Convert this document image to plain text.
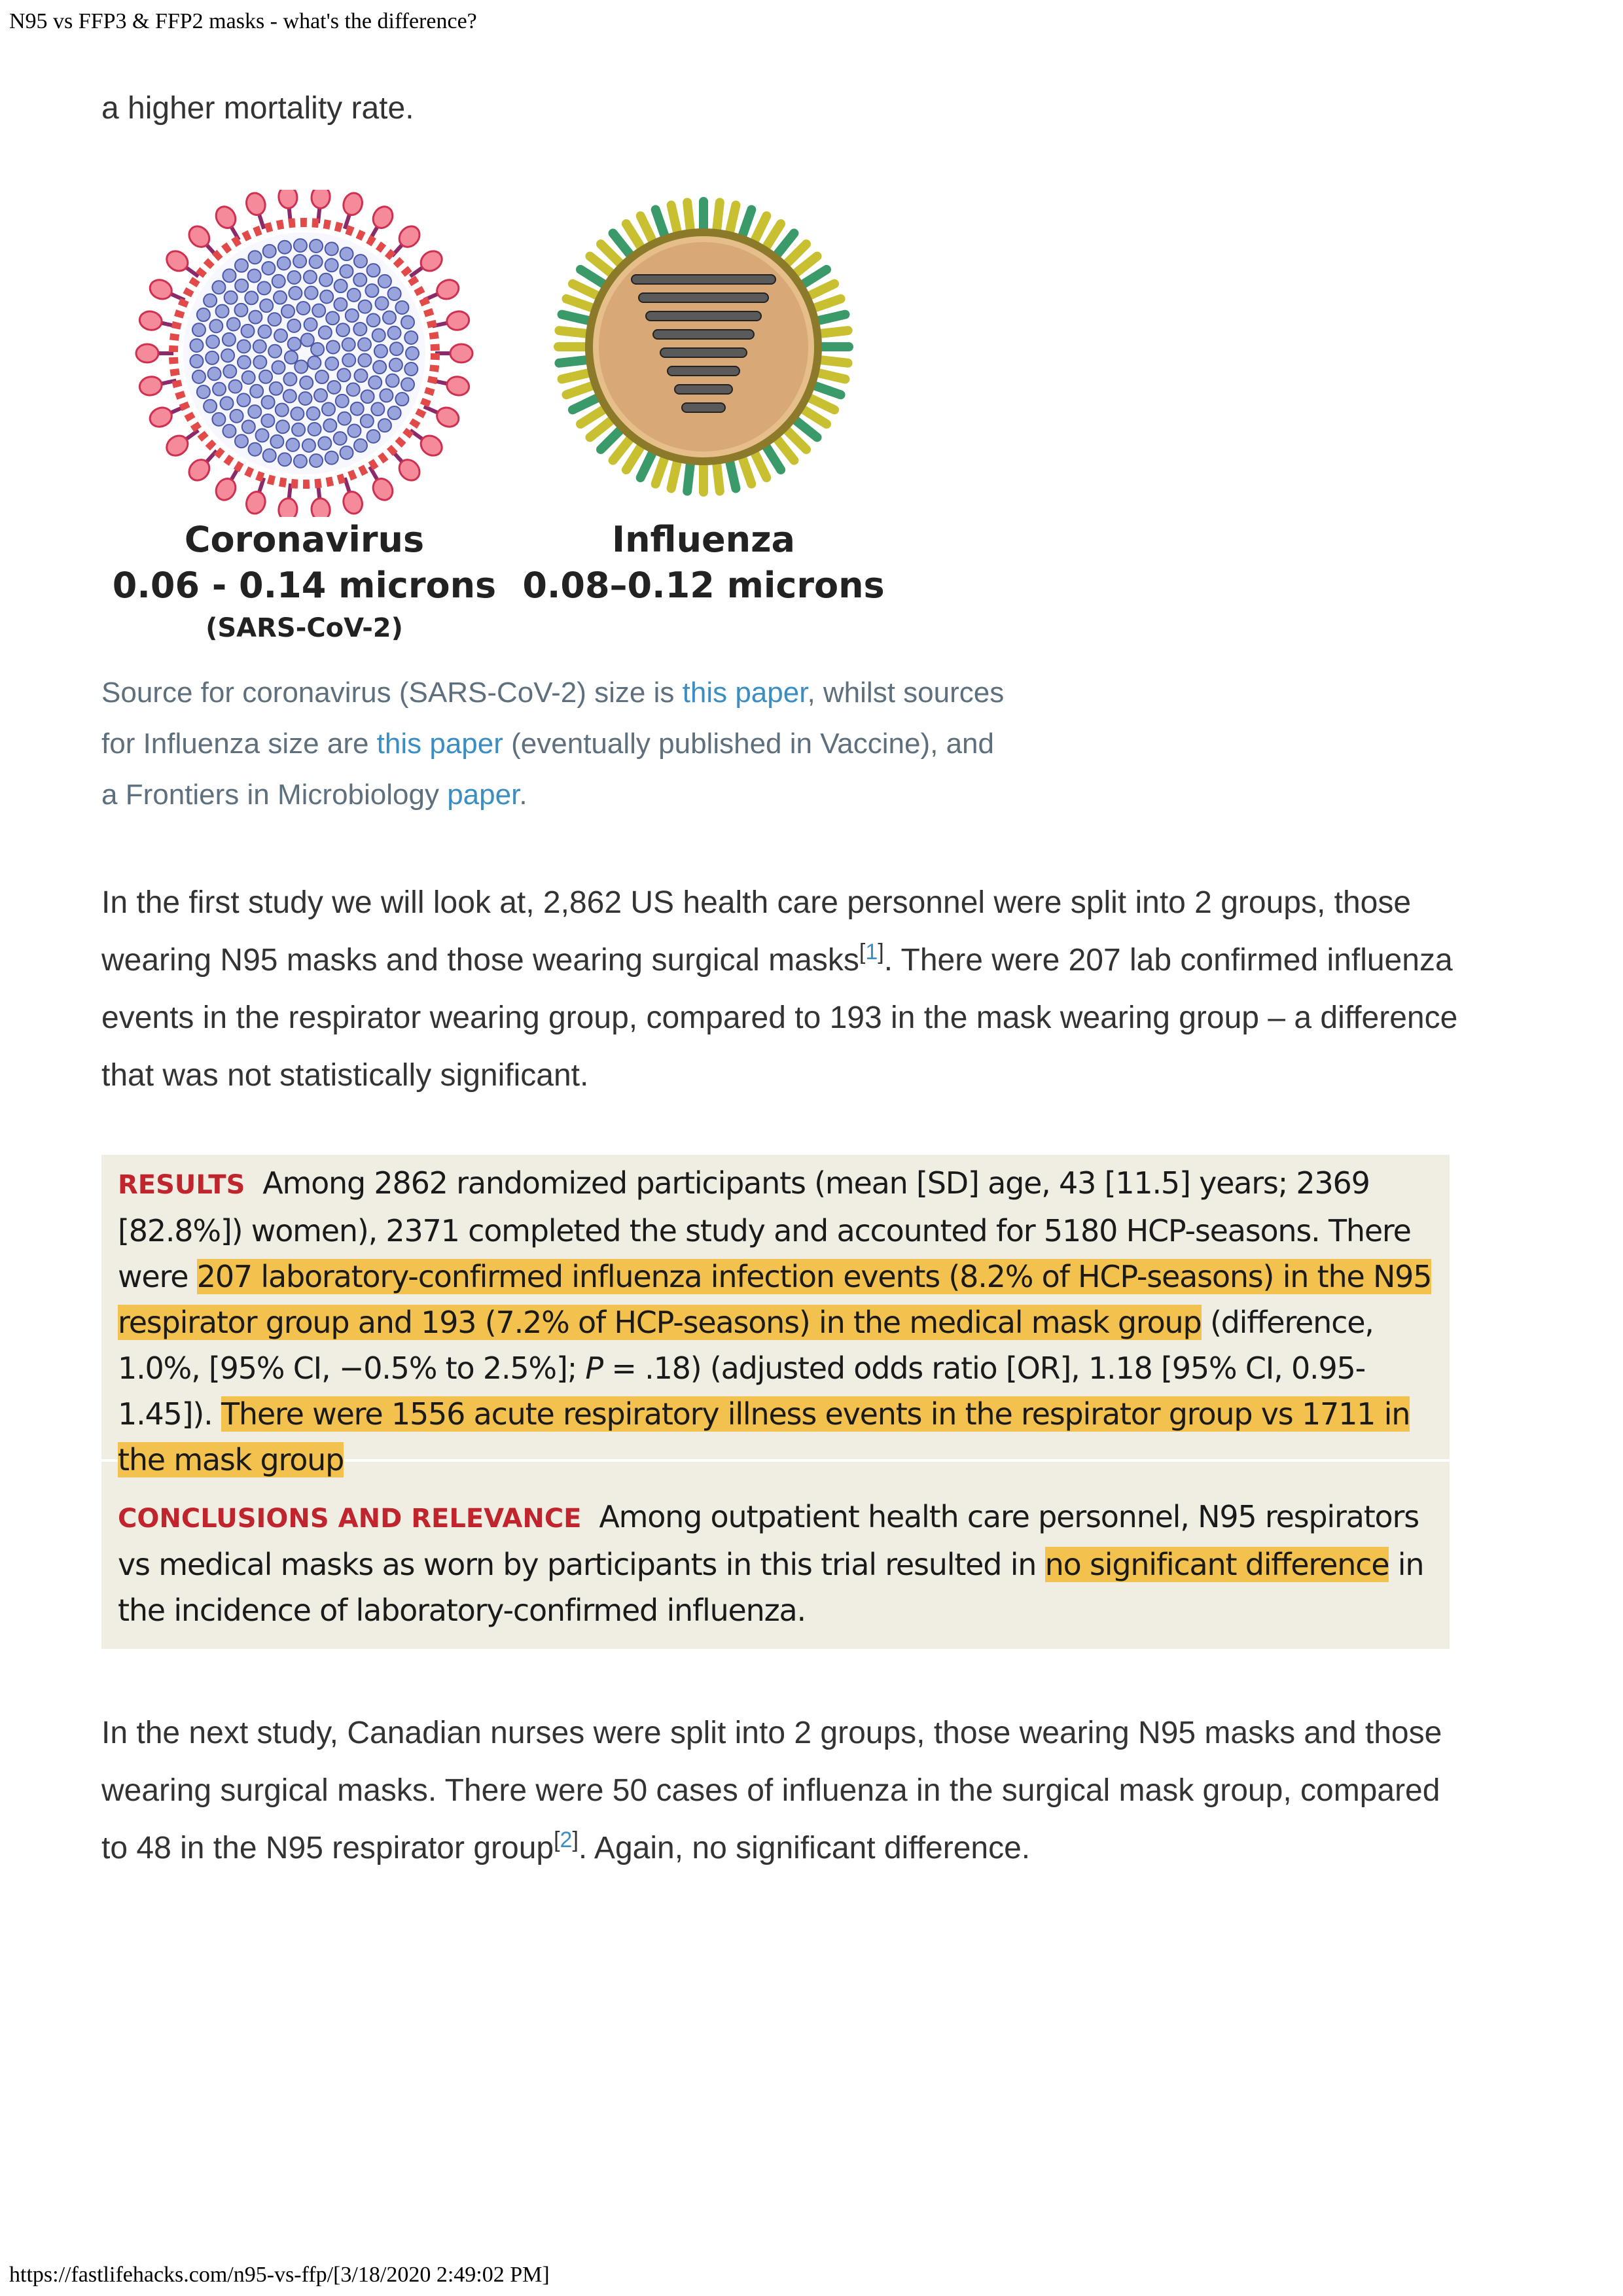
N95 vs FFP3 & FFP2 masks - what's the difference?

a higher mortality rate.

Coronavirus
0.06 - 0.14 microns
(SARS-CoV-2)
Influenza
0.08–0.12 microns

Source for coronavirus (SARS-CoV-2) size is this paper, whilst sources for Influenza size are this paper (eventually published in Vaccine), and a Frontiers in Microbiology paper.

In the first study we will look at, 2,862 US health care personnel were split into 2 groups, those wearing N95 masks and those wearing surgical masks[1]. There were 207 lab confirmed influenza events in the respirator wearing group, compared to 193 in the mask wearing group – a difference that was not statistically significant.

RESULTS Among 2862 randomized participants (mean [SD] age, 43 [11.5] years; 2369 [82.8%]) women), 2371 completed the study and accounted for 5180 HCP-seasons. There were 207 laboratory-confirmed influenza infection events (8.2% of HCP-seasons) in the N95 respirator group and 193 (7.2% of HCP-seasons) in the medical mask group (difference, 1.0%, [95% CI, −0.5% to 2.5%]; P = .18) (adjusted odds ratio [OR], 1.18 [95% CI, 0.95-1.45]). There were 1556 acute respiratory illness events in the respirator group vs 1711 in the mask group

CONCLUSIONS AND RELEVANCE Among outpatient health care personnel, N95 respirators vs medical masks as worn by participants in this trial resulted in no significant difference in the incidence of laboratory-confirmed influenza.

In the next study, Canadian nurses were split into 2 groups, those wearing N95 masks and those wearing surgical masks. There were 50 cases of influenza in the surgical mask group, compared to 48 in the N95 respirator group[2]. Again, no significant difference.

https://fastlifehacks.com/n95-vs-ffp/[3/18/2020 2:49:02 PM]
